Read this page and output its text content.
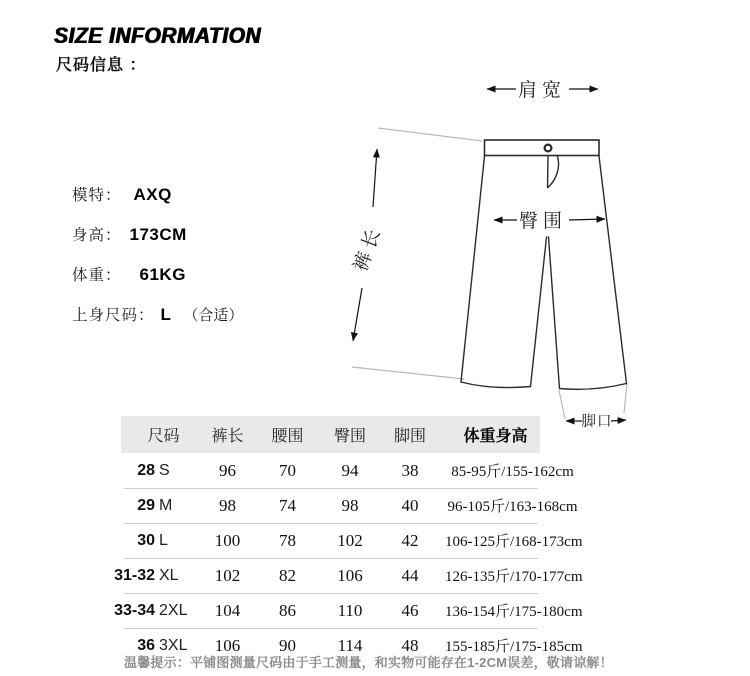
SIZE INFORMATION
尺码信息 ：
模特： AXQ
身高： 173CM
体重： 61KG
上身尺码： L （合适）
肩宽
臀围
裤长
脚口
尺码	裤长	腰围	臀围	脚围	体重身高
28 S	96	70	94	38	85-95斤/155-162cm
29 M	98	74	98	40	96-105斤/163-168cm
30 L	100	78	102	42	106-125斤/168-173cm
31-32 XL	102	82	106	44	126-135斤/170-177cm
33-34 2XL	104	86	110	46	136-154斤/175-180cm
36 3XL	106	90	114	48	155-185斤/175-185cm
温馨提示：平铺图测量尺码由于手工测量，和实物可能存在1-2CM误差，敬请谅解！
